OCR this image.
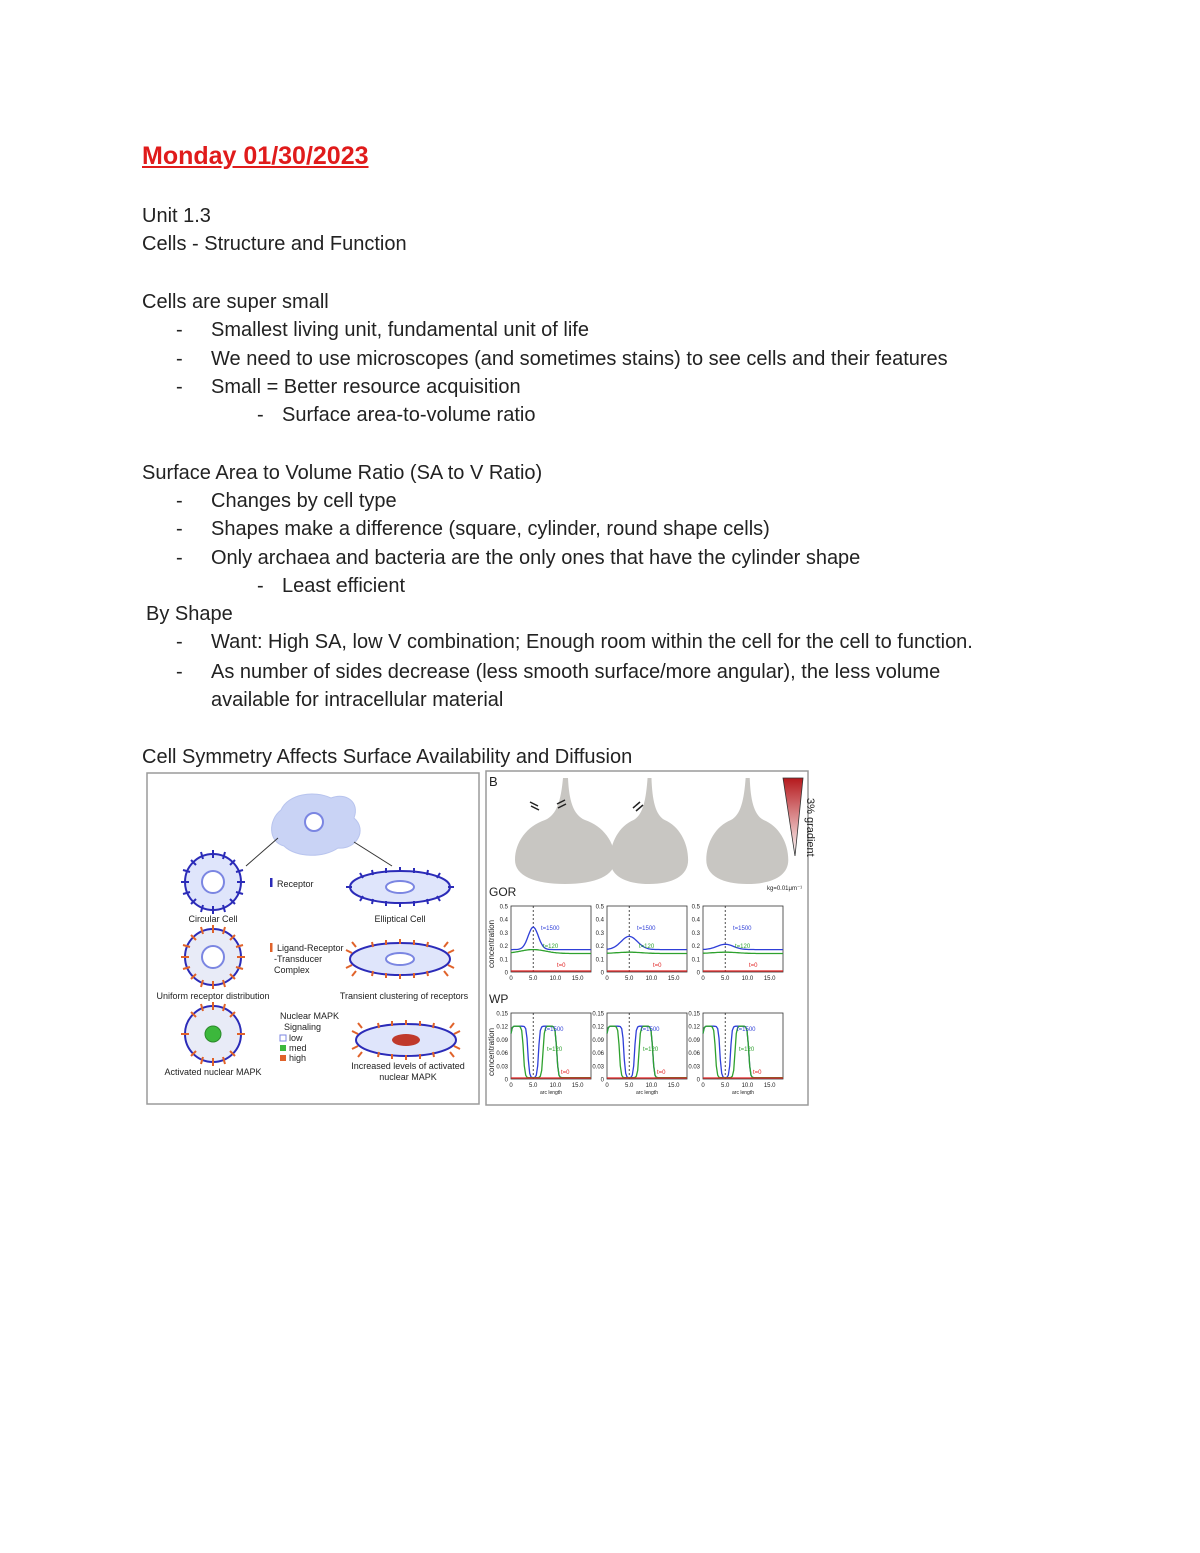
Monday 01/30/2023
Unit 1.3
Cells - Structure and Function
Cells are super small
- Smallest living unit, fundamental unit of life
- We need to use microscopes (and sometimes stains) to see cells and their features
- Small = Better resource acquisition
- Surface area-to-volume ratio
Surface Area to Volume Ratio (SA to V Ratio)
- Changes by cell type
- Shapes make a difference (square, cylinder, round shape cells)
- Only archaea and bacteria are the only ones that have the cylinder shape
- Least efficient
By Shape
- Want: High SA, low V combination; Enough room within the cell for the cell to function.
- As number of sides decrease (less smooth surface/more angular), the less volume
available for intracellular material
Cell Symmetry Affects Surface Availability and Diffusion
Circular Cell
Receptor
Elliptical Cell
Uniform receptor distribution
Ligand-Receptor
-Transducer
Complex
Transient clustering of receptors
Activated nuclear MAPK
Nuclear MAPK
Signaling
low
med
high
Increased levels of activated
nuclear MAPK
B
3% gradient
kg=0.01μm⁻¹
GOR
WP
concentration
concentration
0.5
0.4
0.3
0.2
0.1
0
0	5.0 10.0 15.0
t=1500
t=120
t=0
0.5
0.4
0.3
0.2
0.1
0
0	5.0 10.0 15.0
t=1500
t=120
t=0
0.5
0.4
0.3
0.2
0.1
0
0	5.0 10.0 15.0
t=1500
t=120
t=0
0.15
0.12
0.09
0.06
0.03
0
0	5.0 10.0 15.0
arc length
t=1500
t=120
t=0
0.15
0.12
0.09
0.06
0.03
0
0	5.0 10.0 15.0
arc length
t=1500
t=120
t=0
0.15
0.12
0.09
0.06
0.03
0
0	5.0 10.0 15.0
arc length
t=1500
t=120
t=0
